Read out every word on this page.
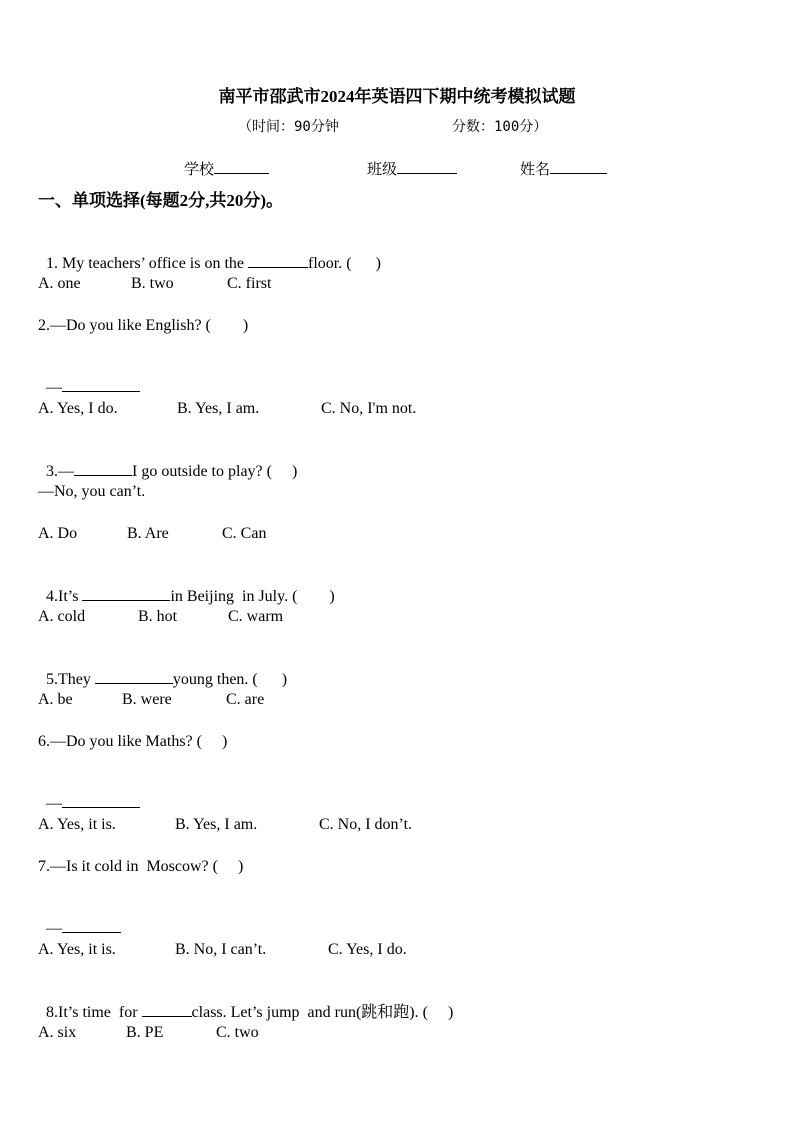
南平市邵武市2024年英语四下期中统考模拟试题
（时间：90分钟	分数：100分）
学校	班级	姓名
一、单项选择(每题2分,共20分)。

1. My teachers’ office is on the	floor. (      )

A. one	B. two	C. first
2.—Do you like English? (        )

—

A. Yes, I do.	B. Yes, I am.	C. No, I'm not.

3.—	I go outside to play? (     )

—No, you can’t.
A. Do	B. Are	C. Can

4.It’s	in Beijing  in July. (        )

A. cold	B. hot	C. warm

5.They	young then. (      )

A. be	B. were	C. are
6.—Do you like Maths? (     )

—

A. Yes, it is.	B. Yes, I am.	C. No, I don’t.
7.—Is it cold in  Moscow? (     )

—

A. Yes, it is.	B. No, I can’t.	C. Yes, I do.

8.It’s time  for	class. Let’s jump  and run(跳和跑). (     )

A. six	B. PE	C. two
